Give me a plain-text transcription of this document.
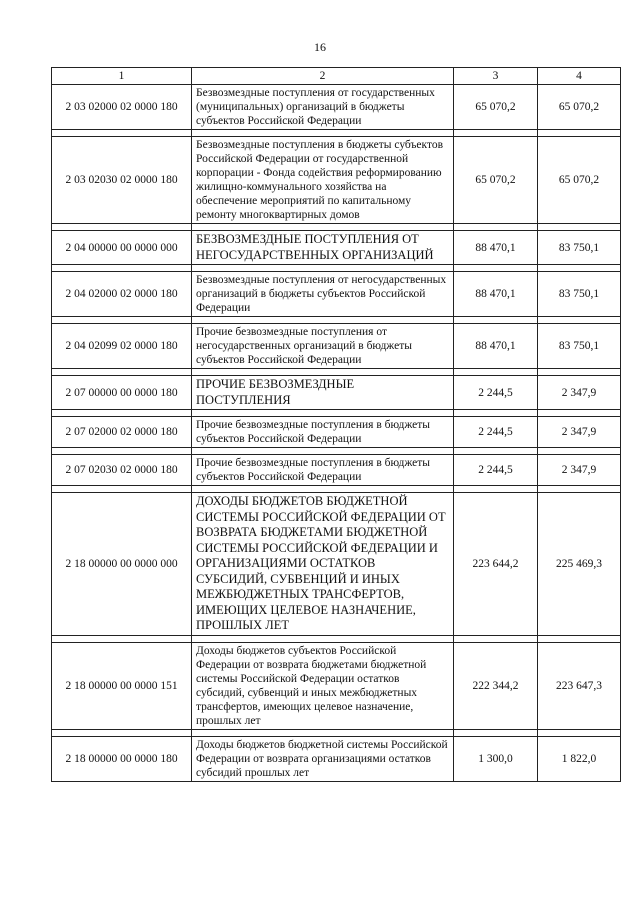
16
1	2	3	4
2 03 02000 02 0000 180	Безвозмездные поступления от государственных (муниципальных) организаций в бюджеты субъектов Российской Федерации	65 070,2	65 070,2

2 03 02030 02 0000 180	Безвозмездные поступления в бюджеты субъектов Российской Федерации от государственной корпорации - Фонда содействия реформированию жилищно-коммунального хозяйства на обеспечение мероприятий по капитальному ремонту многоквартирных домов	65 070,2	65 070,2

2 04 00000 00 0000 000	БЕЗВОЗМЕЗДНЫЕ ПОСТУПЛЕНИЯ ОТ НЕГОСУДАРСТВЕННЫХ ОРГАНИЗАЦИЙ	88 470,1	83 750,1

2 04 02000 02 0000 180	Безвозмездные поступления от негосударственных организаций в бюджеты субъектов Российской Федерации	88 470,1	83 750,1

2 04 02099 02 0000 180	Прочие безвозмездные поступления от негосударственных организаций в бюджеты субъектов Российской Федерации	88 470,1	83 750,1

2 07 00000 00 0000 180	ПРОЧИЕ БЕЗВОЗМЕЗДНЫЕ ПОСТУПЛЕНИЯ	2 244,5	2 347,9

2 07 02000 02 0000 180	Прочие безвозмездные поступления в бюджеты субъектов Российской Федерации	2 244,5	2 347,9

2 07 02030 02 0000 180	Прочие безвозмездные поступления в бюджеты субъектов Российской Федерации	2 244,5	2 347,9

2 18 00000 00 0000 000	ДОХОДЫ БЮДЖЕТОВ БЮДЖЕТНОЙ СИСТЕМЫ РОССИЙСКОЙ ФЕДЕРАЦИИ ОТ ВОЗВРАТА БЮДЖЕТАМИ БЮДЖЕТНОЙ СИСТЕМЫ РОССИЙСКОЙ ФЕДЕРАЦИИ И ОРГАНИЗАЦИЯМИ ОСТАТКОВ СУБСИДИЙ, СУБВЕНЦИЙ И ИНЫХ МЕЖБЮДЖЕТНЫХ ТРАНСФЕРТОВ, ИМЕЮЩИХ ЦЕЛЕВОЕ НАЗНАЧЕНИЕ, ПРОШЛЫХ ЛЕТ	223 644,2	225 469,3

2 18 00000 00 0000 151	Доходы бюджетов субъектов Российской Федерации от возврата бюджетами бюджетной системы Российской Федерации остатков субсидий, субвенций и иных межбюджетных трансфертов, имеющих целевое назначение, прошлых лет	222 344,2	223 647,3

2 18 00000 00 0000 180	Доходы бюджетов бюджетной системы Российской Федерации от возврата организациями остатков субсидий прошлых лет	1 300,0	1 822,0
